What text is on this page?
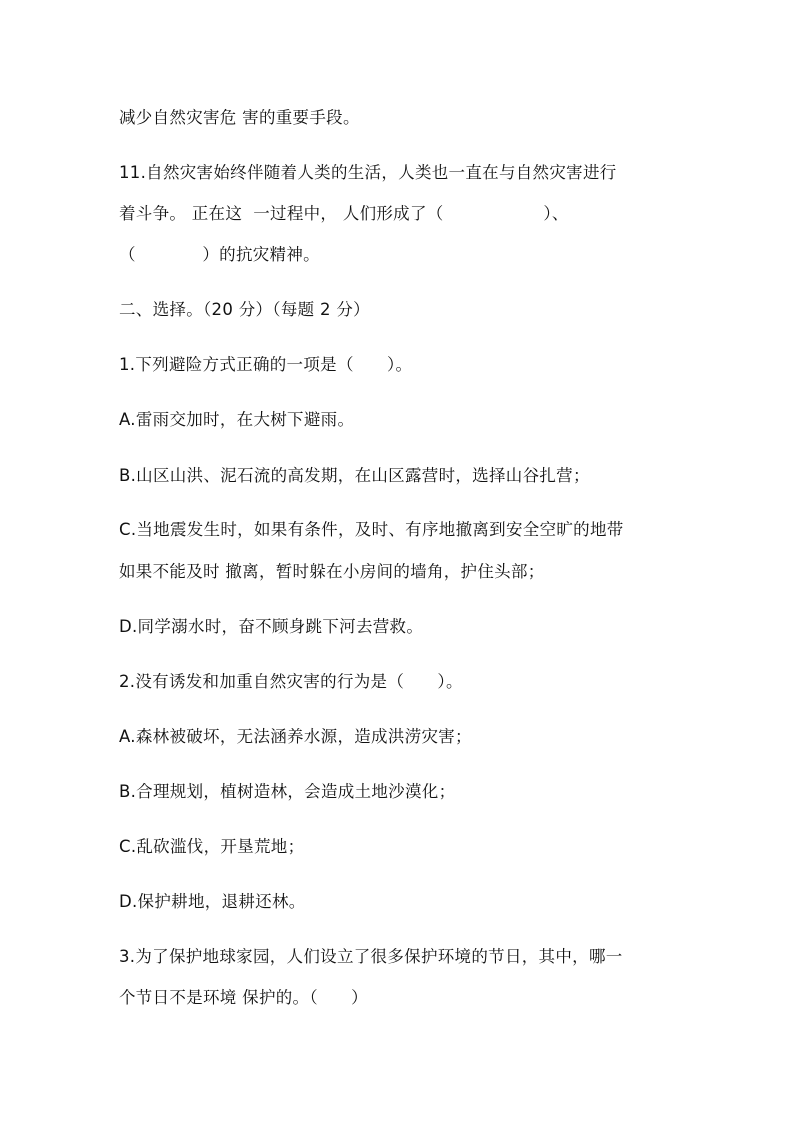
减少自然灾害危 害的重要手段。
11.自然灾害始终伴随着人类的生活，人类也一直在与自然灾害进行
着斗争。 正在这  一过程中， 人们形成了（                  ）、
（            ）的抗灾精神。
二、选择。（20 分）（每题 2 分）
1.下列避险方式正确的一项是（      ）。
A.雷雨交加时，在大树下避雨。
B.山区山洪、泥石流的高发期，在山区露营时，选择山谷扎营；
C.当地震发生时，如果有条件，及时、有序地撤离到安全空旷的地带
如果不能及时 撤离，暂时躲在小房间的墙角，护住头部；
D.同学溺水时，奋不顾身跳下河去营救。
2.没有诱发和加重自然灾害的行为是（      ）。
A.森林被破坏，无法涵养水源，造成洪涝灾害；
B.合理规划，植树造林，会造成土地沙漠化；
C.乱砍滥伐，开垦荒地；
D.保护耕地，退耕还林。
3.为了保护地球家园，人们设立了很多保护环境的节日，其中，哪一
个节日不是环境 保护的。（      ）
